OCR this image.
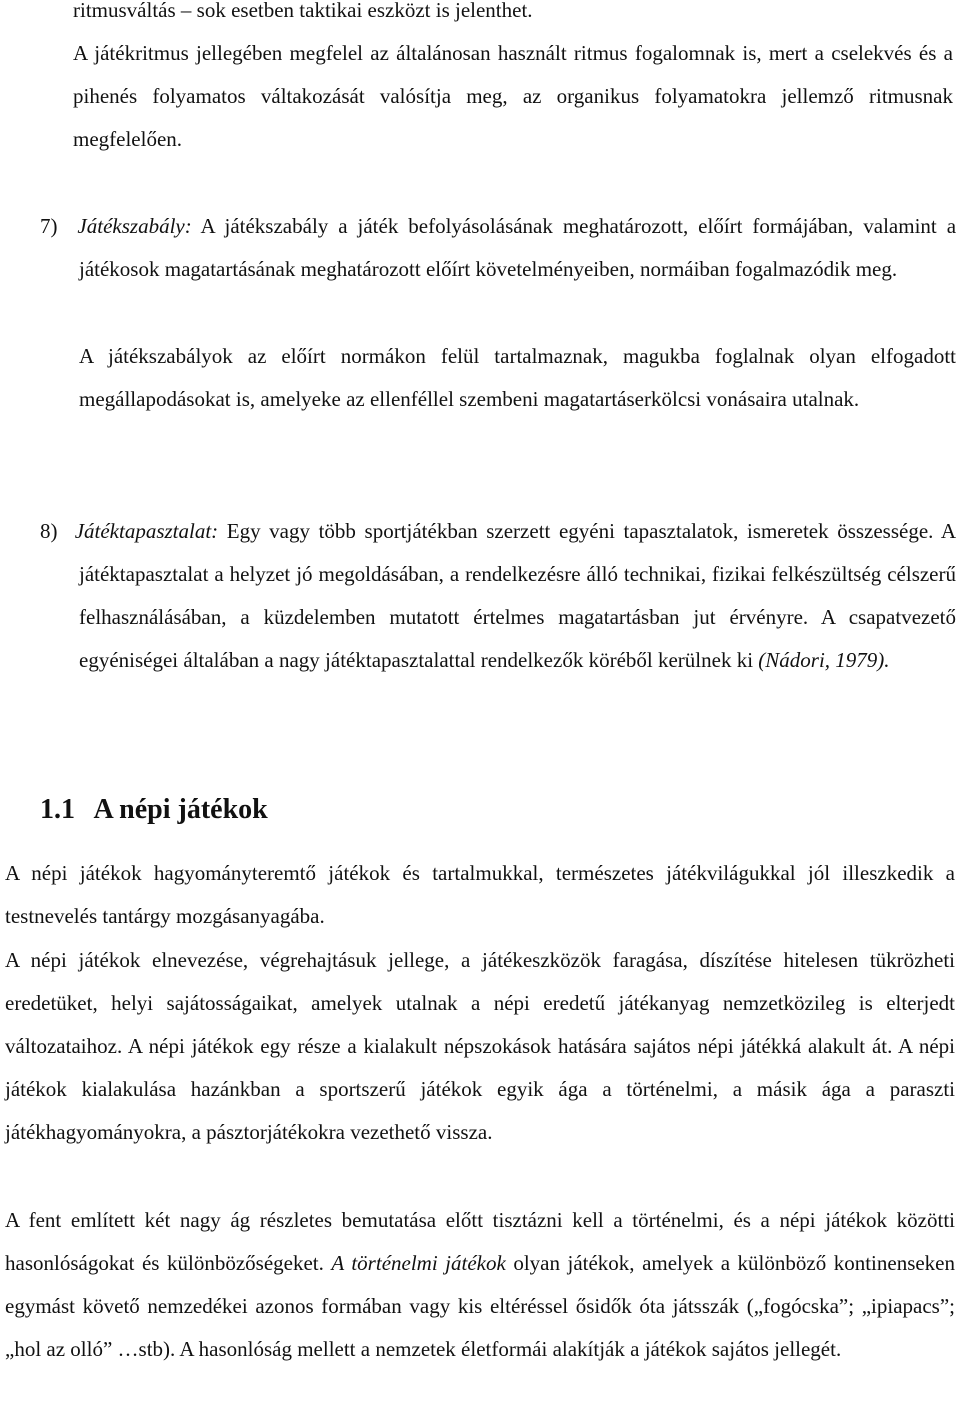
ritmusváltás – sok esetben taktikai eszközt is jelenthet.

A játékritmus jellegében megfelel az általánosan használt ritmus fogalomnak is, mert a cselekvés és a pihenés folyamatos váltakozását valósítja meg, az organikus folyamatokra jellemző ritmusnak megfelelően.

7) Játékszabály: A játékszabály a játék befolyásolásának meghatározott, előírt formájában, valamint a játékosok magatartásának meghatározott előírt követelményeiben, normáiban fogalmazódik meg.

A játékszabályok az előírt normákon felül tartalmaznak, magukba foglalnak olyan elfogadott megállapodásokat is, amelyeke az ellenféllel szembeni magatartáserkölcsi vonásaira utalnak.

8) Játéktapasztalat: Egy vagy több sportjátékban szerzett egyéni tapasztalatok, ismeretek összessége. A játéktapasztalat a helyzet jó megoldásában, a rendelkezésre álló technikai, fizikai felkészültség célszerű felhasználásában, a küzdelemben mutatott értelmes magatartásban jut érvényre. A csapatvezető egyéniségei általában a nagy játéktapasztalattal rendelkezők köréből kerülnek ki (Nádori, 1979).

1.1 A népi játékok

A népi játékok hagyományteremtő játékok és tartalmukkal, természetes játékvilágukkal jól illeszkedik a testnevelés tantárgy mozgásanyagába.

A népi játékok elnevezése, végrehajtásuk jellege, a játékeszközök faragása, díszítése hitelesen tükrözheti eredetüket, helyi sajátosságaikat, amelyek utalnak a népi eredetű játékanyag nemzetközileg is elterjedt változataihoz. A népi játékok egy része a kialakult népszokások hatására sajátos népi játékká alakult át. A népi játékok kialakulása hazánkban a sportszerű játékok egyik ága a történelmi, a másik ága a paraszti játékhagyományokra, a pásztorjátékokra vezethető vissza.

A fent említett két nagy ág részletes bemutatása előtt tisztázni kell a történelmi, és a népi játékok közötti hasonlóságokat és különbözőségeket. A történelmi játékok olyan játékok, amelyek a különböző kontinenseken egymást követő nemzedékei azonos formában vagy kis eltéréssel ősidők óta játsszák („fogócska”; „ipiapacs”; „hol az olló” …stb). A hasonlóság mellett a nemzetek életformái alakítják a játékok sajátos jellegét.
